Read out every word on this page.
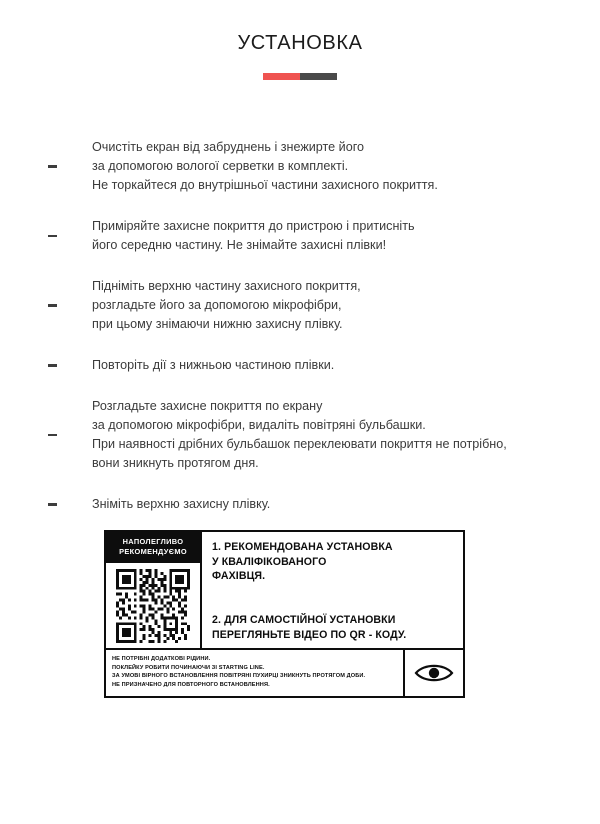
УСТАНОВКА
Очистіть екран від забруднень і знежирте його
за допомогою вологої серветки в комплекті.
Не торкайтеся до внутрішньої частини захисного покриття.
Приміряйте захисне покриття до пристрою і притисніть
його середню частину. Не знімайте захисні плівки!
Підніміть верхню частину захисного покриття,
розгладьте його за допомогою мікрофібри,
при цьому знімаючи нижню захисну плівку.
Повторіть дії з нижньою частиною плівки.
Розгладьте захисне покриття по екрану
за допомогою мікрофібри, видаліть повітряні бульбашки.
При наявності дрібних бульбашок переклеювати покриття не потрібно,
вони зникнуть протягом дня.
Зніміть верхню захисну плівку.
НАПОЛЕГЛИВО
РЕКОМЕНДУЄМО	1. РЕКОМЕНДОВАНА УСТАНОВКА
У КВАЛІФІКОВАНОГО
ФАХІВЦЯ.
2. ДЛЯ САМОСТІЙНОЇ УСТАНОВКИ
ПЕРЕГЛЯНЬТЕ ВІДЕО ПО QR - КОДУ.
НЕ ПОТРІБНІ ДОДАТКОВІ РІДИНИ.
ПОКЛЕЙКУ РОБИТИ ПОЧИНАЮЧИ ЗІ STARTING LINE.
ЗА УМОВІ ВІРНОГО ВСТАНОВЛЕННЯ ПОВІТРЯНІ ПУХИРЦІ ЗНИКНУТЬ ПРОТЯГОМ ДОБИ.
НЕ ПРИЗНАЧЕНО ДЛЯ ПОВТОРНОГО ВСТАНОВЛЕННЯ.
